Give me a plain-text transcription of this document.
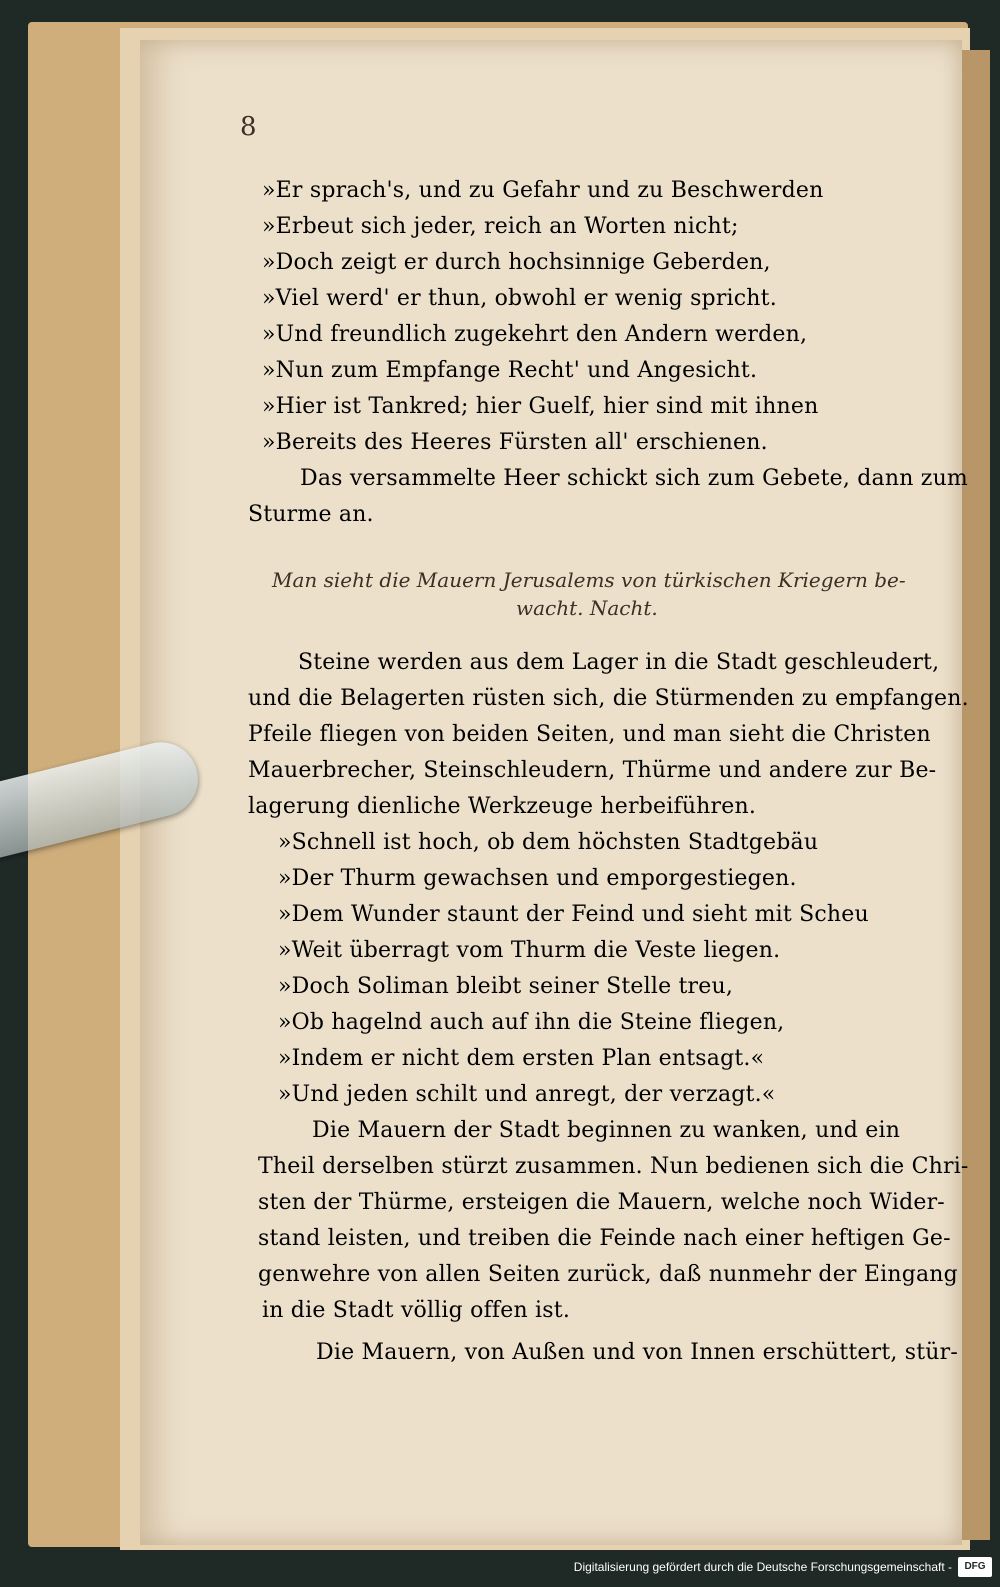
8
»Er sprach's, und zu Gefahr und zu Beschwerden
»Erbeut sich jeder, reich an Worten nicht;
»Doch zeigt er durch hochsinnige Geberden,
»Viel werd' er thun, obwohl er wenig spricht.
»Und freundlich zugekehrt den Andern werden,
»Nun zum Empfange Recht' und Angesicht.
»Hier ist Tankred; hier Guelf, hier sind mit ihnen
»Bereits des Heeres Fürsten all' erschienen.
Das versammelte Heer schickt sich zum Gebete, dann zum
Sturme an.
Man sieht die Mauern Jerusalems von türkischen Kriegern be-
wacht. Nacht.
Steine werden aus dem Lager in die Stadt geschleudert,
und die Belagerten rüsten sich, die Stürmenden zu empfangen.
Pfeile fliegen von beiden Seiten, und man sieht die Christen
Mauerbrecher, Steinschleudern, Thürme und andere zur Be-
lagerung dienliche Werkzeuge herbeiführen.
»Schnell ist hoch, ob dem höchsten Stadtgebäu
»Der Thurm gewachsen und emporgestiegen.
»Dem Wunder staunt der Feind und sieht mit Scheu
»Weit überragt vom Thurm die Veste liegen.
»Doch Soliman bleibt seiner Stelle treu,
»Ob hagelnd auch auf ihn die Steine fliegen,
»Indem er nicht dem ersten Plan entsagt.«
»Und jeden schilt und anregt, der verzagt.«
Die Mauern der Stadt beginnen zu wanken, und ein
Theil derselben stürzt zusammen. Nun bedienen sich die Chri-
sten der Thürme, ersteigen die Mauern, welche noch Wider-
stand leisten, und treiben die Feinde nach einer heftigen Ge-
genwehre von allen Seiten zurück, daß nunmehr der Eingang
in die Stadt völlig offen ist.
Die Mauern, von Außen und von Innen erschüttert, stür-
Digitalisierung gefördert durch die Deutsche Forschungsgemeinschaft -	DFG
